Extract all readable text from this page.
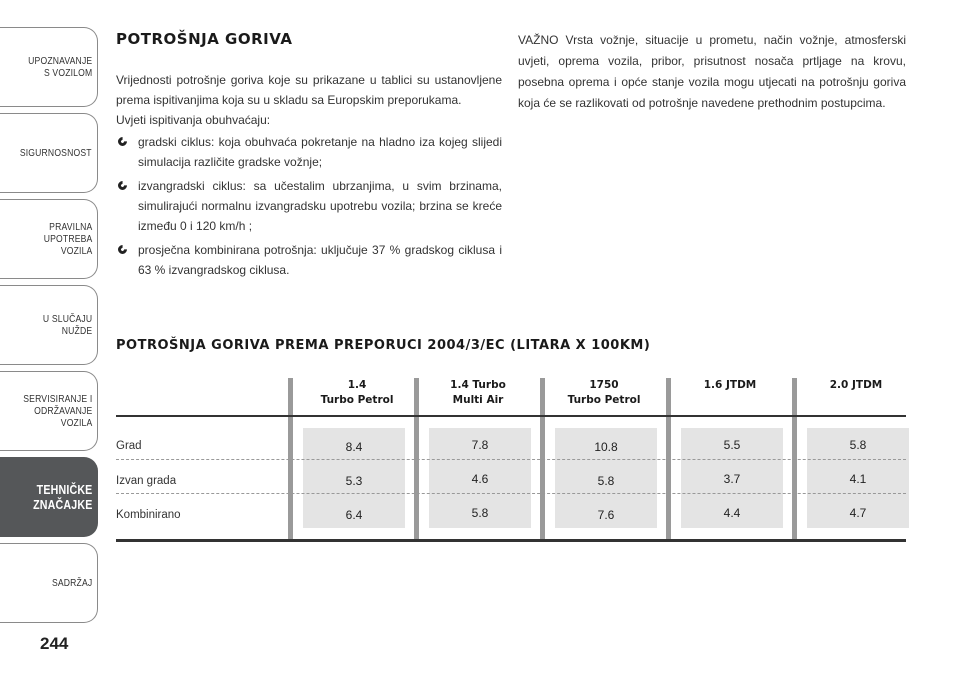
UPOZNAVANJE
S VOZILOM
SIGURNOSNOST
PRAVILNA
UPOTREBA
VOZILA
U SLUČAJU
NUŽDE
SERVISIRANJE I
ODRŽAVANJE
VOZILA
TEHNIČKE
ZNAČAJKE
SADRŽAJ
244
POTROŠNJA GORIVA

Vrijednosti potrošnje goriva koje su prikazane u tablici su ustanovljene prema ispitivanjima koja su u skladu sa Europskim preporukama.

Uvjeti ispitivanja obuhvaćaju:

gradski ciklus: koja obuhvaća pokretanje na hladno iza kojeg slijedi simulacija različite gradske vožnje;
izvangradski ciklus: sa učestalim ubrzanjima, u svim brzinama, simulirajući normalnu izvangradsku upotrebu vozila; brzina se kreće između 0 i 120 km/h ;
prosječna kombinirana potrošnja: uključuje 37 % gradskog ciklusa i 63 % izvangradskog ciklusa.

VAŽNO Vrsta vožnje, situacije u prometu, način vožnje, atmosferski uvjeti, oprema vozila, pribor, prisutnost nosača prtljage na krovu, posebna oprema i opće stanje vozila mogu utjecati na potrošnju goriva koja će se razlikovati od potrošnje navedene prethodnim postupcima.

POTROŠNJA GORIVA PREMA PREPORUCI 2004/3/EC (LITARA X 100KM)
1.4
Turbo Petrol
1.4 Turbo
Multi Air
1750
Turbo Petrol
1.6 JTDM	2.0 JTDM
Grad
Izvan grada
Kombinirano
8.4
5.3
6.4
7.8
4.6
5.8
10.8
5.8
7.6
5.5
3.7
4.4
5.8
4.1
4.7
